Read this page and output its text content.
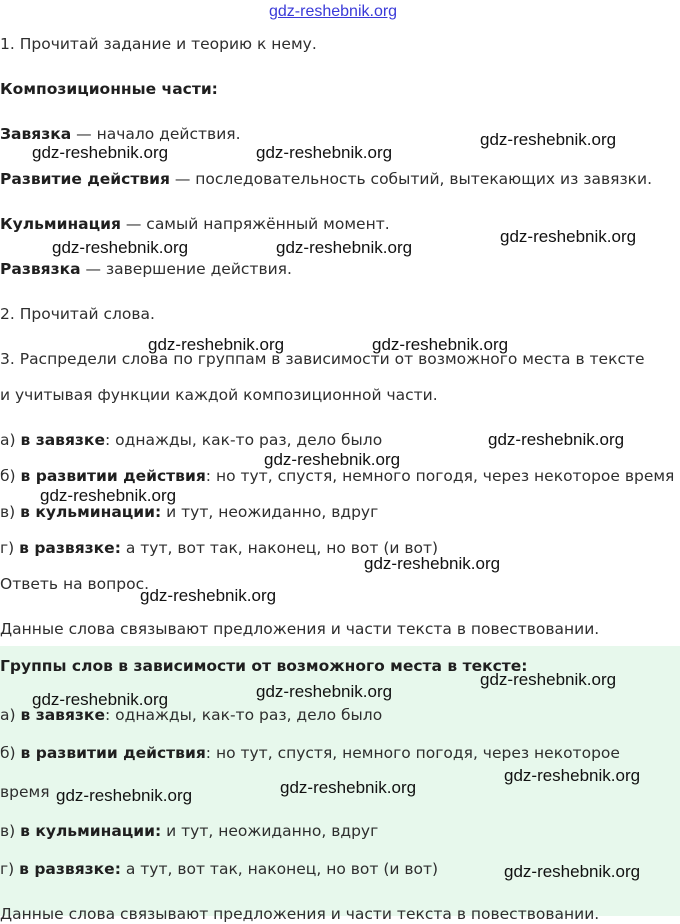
gdz-reshebnik.org
1. Прочитай задание и теорию к нему.
Композиционные части:
Завязка — начало действия.
Развитие действия — последовательность событий, вытекающих из завязки.
Кульминация — самый напряжённый момент.
Развязка — завершение действия.
2. Прочитай слова.
3. Распредели слова по группам в зависимости от возможного места в тексте
и учитывая функции каждой композиционной части.
а) в завязке: однажды, как-то раз, дело было
б) в развитии действия: но тут, спустя, немного погодя, через некоторое время
в) в кульминации: и тут, неожиданно, вдруг
г) в развязке: а тут, вот так, наконец, но вот (и вот)
Ответь на вопрос.
Данные слова связывают предложения и части текста в повествовании.
Группы слов в зависимости от возможного места в тексте:
а) в завязке: однажды, как-то раз, дело было
б) в развитии действия: но тут, спустя, немного погодя, через некоторое
время
в) в кульминации: и тут, неожиданно, вдруг
г) в развязке: а тут, вот так, наконец, но вот (и вот)
Данные слова связывают предложения и части текста в повествовании.
gdz-reshebnik.org
gdz-reshebnik.org	gdz-reshebnik.org
gdz-reshebnik.org
gdz-reshebnik.org	gdz-reshebnik.org
gdz-reshebnik.org	gdz-reshebnik.org
gdz-reshebnik.org
gdz-reshebnik.org
gdz-reshebnik.org
gdz-reshebnik.org
gdz-reshebnik.org
gdz-reshebnik.org
gdz-reshebnik.org
gdz-reshebnik.org
gdz-reshebnik.org
gdz-reshebnik.org
gdz-reshebnik.org
gdz-reshebnik.org
